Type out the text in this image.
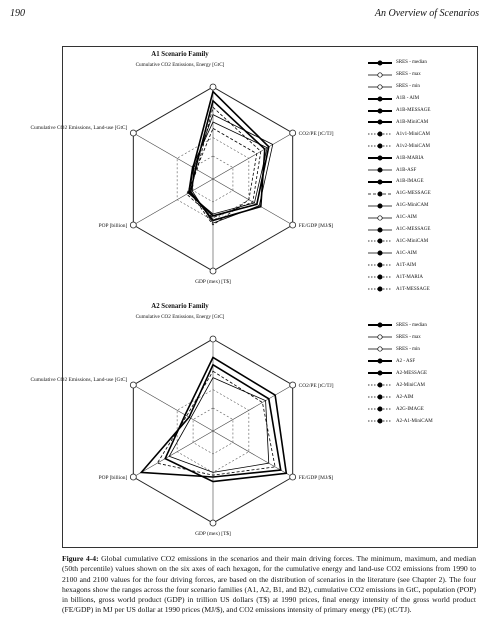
190	An Overview of Scenarios
A1 Scenario Family
Cumulative CO2 Emissions, Energy [GtC]
CO2/PE [tC/TJ]
FE/GDP [MJ/$]
GDP (mex) [T$]
POP [billion]
Cumulative CO2 Emissions, Land-use [GtC]
SRES - median
SRES - max
SRES - min
A1B - AIM
A1B-MESSAGE
A1B-MiniCAM
A1v1-MiniCAM
A1v2-MiniCAM
A1B-MARIA
A1B-ASF
A1B-IMAGE
A1G-MESSAGE
A1G-MiniCAM
A1C-AIM
A1C-MESSAGE
A1C-MiniCAM
A1C-AIM
A1T-AIM
A1T-MARIA
A1T-MESSAGE
A2 Scenario Family
Cumulative CO2 Emissions, Energy [GtC]
CO2/PE [tC/TJ]
FE/GDP [MJ/$]
GDP (mex) [T$]
POP [billion]
Cumulative CO2 Emissions, Land-use [GtC]
SRES - median
SRES - max
SRES - min
A2 - ASF
A2-MESSAGE
A2-MiniCAM
A2-AIM
A2G-IMAGE
A2-A1-MiniCAM
Figure 4-4: Global cumulative CO2 emissions in the scenarios and their main driving forces. The minimum, maximum, and median (50th percentile) values shown on the six axes of each hexagon, for the cumulative energy and land-use CO2 emissions from 1990 to 2100 and 2100 values for the four driving forces, are based on the distribution of scenarios in the literature (see Chapter 2). The four hexagons show the ranges across the four scenario families (A1, A2, B1, and B2), cumulative CO2 emissions in GtC, population (POP) in billions, gross world product (GDP) in trillion US dollars (T$) at 1990 prices, final energy intensity of the gross world product (FE/GDP) in MJ per US dollar at 1990 prices (MJ/$), and CO2 emissions intensity of primary energy (PE) (tC/TJ).
